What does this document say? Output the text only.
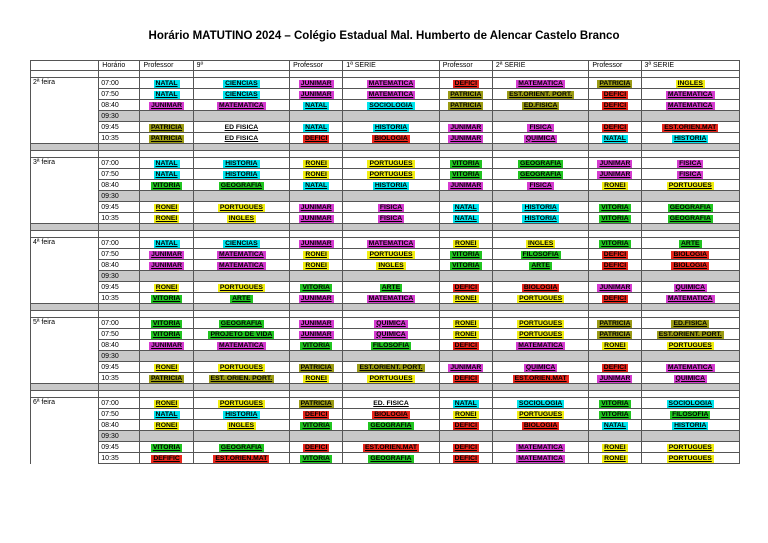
Horário MATUTINO 2024 – Colégio Estadual Mal. Humberto de Alencar Castelo Branco
	Horário	Professor	9º	Professor	1ª SERIE	Professor	2ª SERIE	Professor	3ª SERIE

2ª feira	07:00	NATAL	CIENCIAS	JUNIMAR	MATEMATICA	DEFICI	MATEMATICA	PATRICIA	INGLES
	07:50	NATAL	CIENCIAS	JUNIMAR	MATEMATICA	PATRICIA	EST.ORIENT. PORT.	DEFICI	MATEMATICA
	08:40	JUNIMAR	MATEMATICA	NATAL	SOCIOLOGIA	PATRICIA	ED.FISICA	DEFICI	MATEMATICA
	09:30								
	09:45	PATRICIA	ED FISICA	NATAL	HISTORIA	JUNIMAR	FISICA	DEFICI	EST.ORIEN.MAT
	10:35	PATRICIA	ED FISICA	DEFICI	BIOLOGIA	JUNIMAR	QUIMICA	NATAL	HISTORIA

3ª feira	07:00	NATAL	HISTORIA	RONEI	PORTUGUES	VITORIA	GEOGRAFIA	JUNIMAR	FISICA
	07:50	NATAL	HISTORIA	RONEI	PORTUGUES	VITORIA	GEOGRAFIA	JUNIMAR	FISICA
	08:40	VITORIA	GEOGRAFIA	NATAL	HISTORIA	JUNIMAR	FISICA	RONEI	PORTUGUES
	09:30								
	09:45	RONEI	PORTUGUES	JUNIMAR	FISICA	NATAL	HISTORIA	VITORIA	GEOGRAFIA
	10:35	RONEI	INGLES	JUNIMAR	FISICA	NATAL	HISTORIA	VITORIA	GEOGRAFIA

4ª feira	07:00	NATAL	CIENCIAS	JUNIMAR	MATEMATICA	RONEI	INGLES	VITORIA	ARTE
	07:50	JUNIMAR	MATEMATICA	RONEI	PORTUGUES	VITORIA	FILOSOFIA	DEFICI	BIOLOGIA
	08:40	JUNIMAR	MATEMATICA	RONEI	INGLES	VITORIA	ARTE	DEFICI	BIOLOGIA
	09:30								
	09:45	RONEI	PORTUGUES	VITORIA	ARTE	DEFICI	BIOLOGIA	JUNIMAR	QUIMICA
	10:35	VITORIA	ARTE	JUNIMAR	MATEMATICA	RONEI	PORTUGUES	DEFICI	MATEMATICA

5ª feira	07:00	VITORIA	GEOGRAFIA	JUNIMAR	QUIMICA	RONEI	PORTUGUES	PATRICIA	ED.FISICA
	07:50	VITORIA	PROJETO DE VIDA	JUNIMAR	QUIMICA	RONEI	PORTUGUES	PATRICIA	EST.ORIENT. PORT.
	08:40	JUNIMAR	MATEMATICA	VITORIA	FILOSOFIA	DEFICI	MATEMATICA	RONEI	PORTUGUES
	09:30								
	09:45	RONEI	PORTUGUES	PATRICIA	EST.ORIENT. PORT.	JUNIMAR	QUIMICA	DEFICI	MATEMATICA
	10:35	PATRICIA	EST. ORIEN. PORT.	RONEI	PORTUGUES	DEFICI	EST.ORIEN.MAT	JUNIMAR	QUIMICA

6ª feira	07:00	RONEI	PORTUGUES	PATRICIA	ED. FISICA	NATAL	SOCIOLOGIA	VITORIA	SOCIOLOGIA
	07:50	NATAL	HISTORIA	DEFICI	BIOLOGIA	RONEI	PORTUGUES	VITORIA	FILOSOFIA
	08:40	RONEI	INGLES	VITORIA	GEOGRAFIA	DEFICI	BIOLOGIA	NATAL	HISTORIA
	09:30								
	09:45	VITORIA	GEOGRAFIA	DEFICI	EST.ORIEN.MAT	DEFICI	MATEMATICA	RONEI	PORTUGUES
	10:35	DEFIFIC	EST.ORIEN.MAT	VITORIA	GEOGRAFIA	DEFICI	MATEMATICA	RONEI	PORTUGUES
